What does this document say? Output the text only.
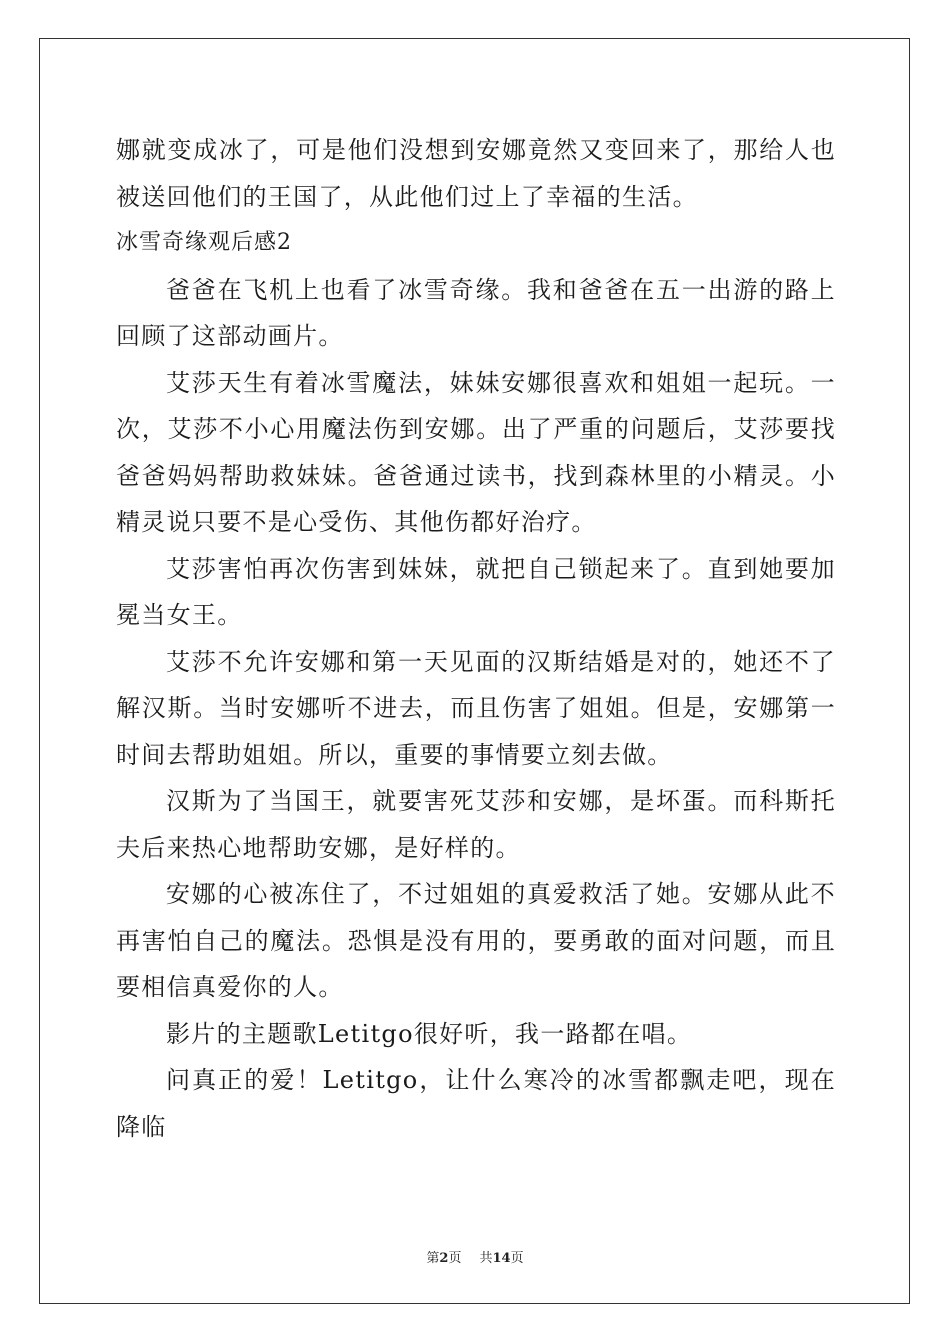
娜就变成冰了，可是他们没想到安娜竟然又变回来了，那给人也被送回他们的王国了，从此他们过上了幸福的生活。

冰雪奇缘观后感2

爸爸在飞机上也看了冰雪奇缘。我和爸爸在五一出游的路上回顾了这部动画片。

艾莎天生有着冰雪魔法，妹妹安娜很喜欢和姐姐一起玩。一次，艾莎不小心用魔法伤到安娜。出了严重的问题后，艾莎要找爸爸妈妈帮助救妹妹。爸爸通过读书，找到森林里的小精灵。小精灵说只要不是心受伤、其他伤都好治疗。

艾莎害怕再次伤害到妹妹，就把自己锁起来了。直到她要加冕当女王。

艾莎不允许安娜和第一天见面的汉斯结婚是对的，她还不了解汉斯。当时安娜听不进去，而且伤害了姐姐。但是，安娜第一时间去帮助姐姐。所以，重要的事情要立刻去做。

汉斯为了当国王，就要害死艾莎和安娜，是坏蛋。而科斯托夫后来热心地帮助安娜，是好样的。

安娜的心被冻住了，不过姐姐的真爱救活了她。安娜从此不再害怕自己的魔法。恐惧是没有用的，要勇敢的面对问题，而且要相信真爱你的人。

影片的主题歌Letitgo很好听，我一路都在唱。

问真正的爱！Letitgo，让什么寒冷的冰雪都飘走吧，现在降临

第2页 共14页
